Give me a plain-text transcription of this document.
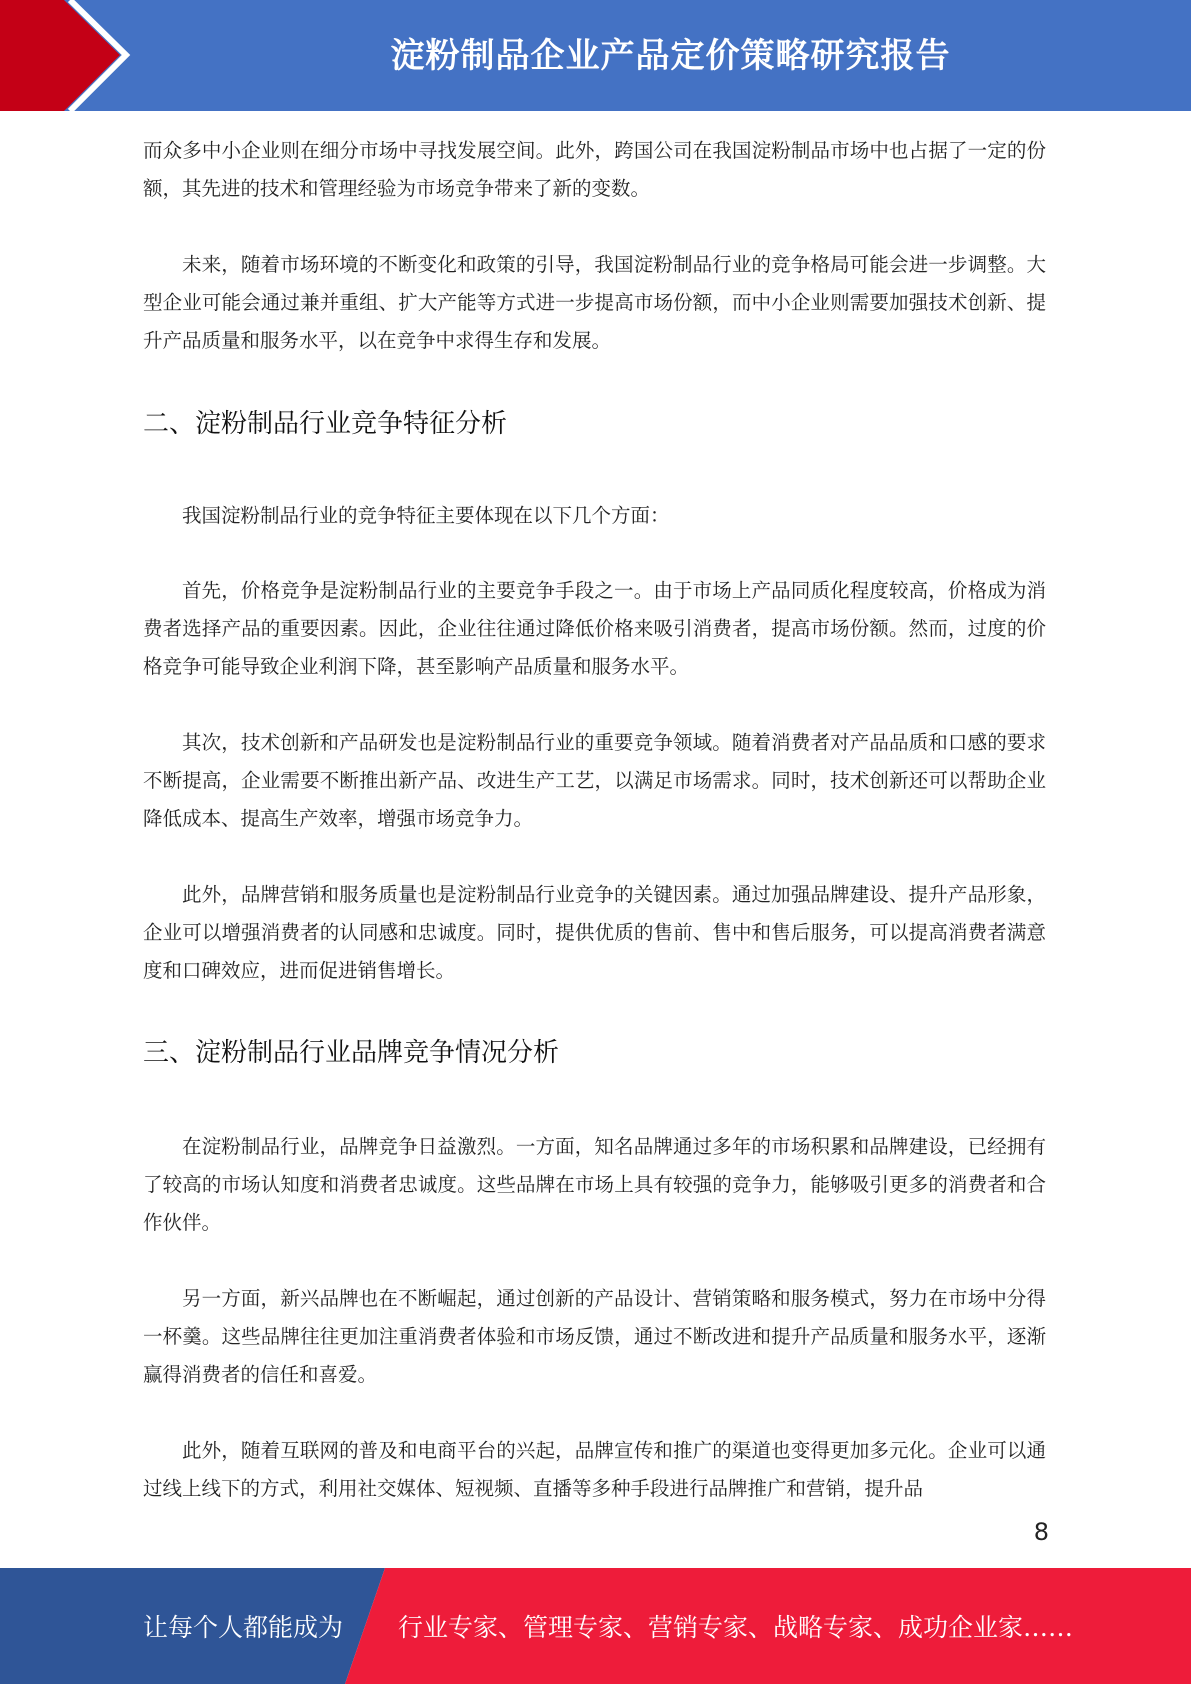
淀粉制品企业产品定价策略研究报告

而众多中小企业则在细分市场中寻找发展空间。此外，跨国公司在我国淀粉制品市场中也占据了一定的份额，其先进的技术和管理经验为市场竞争带来了新的变数。

未来，随着市场环境的不断变化和政策的引导，我国淀粉制品行业的竞争格局可能会进一步调整。大型企业可能会通过兼并重组、扩大产能等方式进一步提高市场份额，而中小企业则需要加强技术创新、提升产品质量和服务水平，以在竞争中求得生存和发展。

二、淀粉制品行业竞争特征分析

我国淀粉制品行业的竞争特征主要体现在以下几个方面：

首先，价格竞争是淀粉制品行业的主要竞争手段之一。由于市场上产品同质化程度较高，价格成为消费者选择产品的重要因素。因此，企业往往通过降低价格来吸引消费者，提高市场份额。然而，过度的价格竞争可能导致企业利润下降，甚至影响产品质量和服务水平。

其次，技术创新和产品研发也是淀粉制品行业的重要竞争领域。随着消费者对产品品质和口感的要求不断提高，企业需要不断推出新产品、改进生产工艺，以满足市场需求。同时，技术创新还可以帮助企业降低成本、提高生产效率，增强市场竞争力。

此外，品牌营销和服务质量也是淀粉制品行业竞争的关键因素。通过加强品牌建设、提升产品形象，企业可以增强消费者的认同感和忠诚度。同时，提供优质的售前、售中和售后服务，可以提高消费者满意度和口碑效应，进而促进销售增长。

三、淀粉制品行业品牌竞争情况分析

在淀粉制品行业，品牌竞争日益激烈。一方面，知名品牌通过多年的市场积累和品牌建设，已经拥有了较高的市场认知度和消费者忠诚度。这些品牌在市场上具有较强的竞争力，能够吸引更多的消费者和合作伙伴。

另一方面，新兴品牌也在不断崛起，通过创新的产品设计、营销策略和服务模式，努力在市场中分得一杯羹。这些品牌往往更加注重消费者体验和市场反馈，通过不断改进和提升产品质量和服务水平，逐渐赢得消费者的信任和喜爱。

此外，随着互联网的普及和电商平台的兴起，品牌宣传和推广的渠道也变得更加多元化。企业可以通过线上线下的方式，利用社交媒体、短视频、直播等多种手段进行品牌推广和营销，提升品

8
让每个人都能成为 行业专家、管理专家、营销专家、战略专家、成功企业家……
